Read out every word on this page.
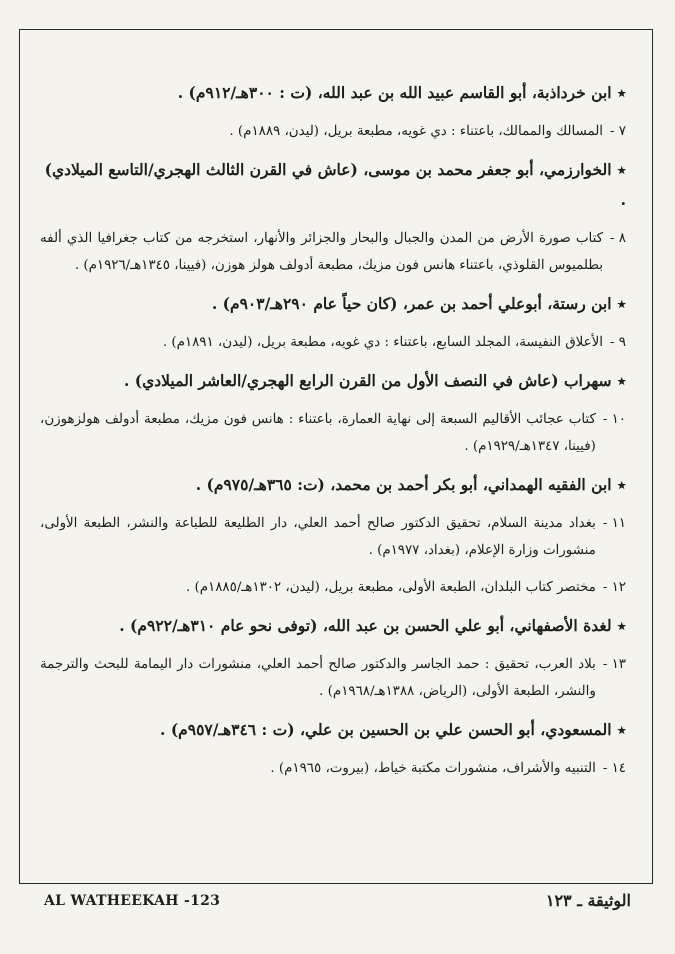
٭ابن خرداذبة، أبو القاسم عبيد الله بن عبد الله، (ت : ٣٠٠هـ/٩١٢م) .
٧ -
المسالك والممالك، باعتناء : دي غويه، مطبعة بريل، (ليدن، ١٨٨٩م) .
٭الخوارزمي، أبو جعفر محمد بن موسى، (عاش في القرن الثالث الهجري/التاسع الميلادي) .
٨ -
كتاب صورة الأرض من المدن والجبال والبحار والجزائر والأنهار، استخرجه من كتاب جغرافيا الذي ألفه بطلميوس القلوذي، باعتناء هانس فون مزيك، مطبعة أدولف هولز هوزن، (فيينا، ١٣٤٥هـ/١٩٢٦م) .
٭ابن رستة، أبوعلي أحمد بن عمر، (كان حياً عام ٢٩٠هـ/٩٠٣م) .
٩ -
الأعلاق النفيسة، المجلد السابع، باعتناء : دي غويه، مطبعة بريل، (ليدن، ١٨٩١م) .
٭سهراب (عاش في النصف الأول من القرن الرابع الهجري/العاشر الميلادي) .
١٠ -
كتاب عجائب الأقاليم السبعة إلى نهاية العمارة، باعتناء : هانس فون مزيك، مطبعة أدولف هولزهوزن، (فيينا، ١٣٤٧هـ/١٩٢٩م) .
٭ابن الفقيه الهمداني، أبو بكر أحمد بن محمد، (ت: ٣٦٥هـ/٩٧٥م) .
١١ -
بغداد مدينة السلام، تحقيق الدكتور صالح أحمد العلي، دار الطليعة للطباعة والنشر، الطبعة الأولى، منشورات وزارة الإعلام، (بغداد، ١٩٧٧م) .
١٢ -
مختصر كتاب البلدان، الطبعة الأولى، مطبعة بريل، (ليدن، ١٣٠٢هـ/١٨٨٥م) .
٭لغدة الأصفهاني، أبو علي الحسن بن عبد الله، (توفى نحو عام ٣١٠هـ/٩٢٢م) .
١٣ -
بلاد العرب، تحقيق : حمد الجاسر والدكتور صالح أحمد العلي، منشورات دار اليمامة للبحث والترجمة والنشر، الطبعة الأولى، (الرياض، ١٣٨٨هـ/١٩٦٨م) .
٭المسعودي، أبو الحسن علي بن الحسين بن علي، (ت : ٣٤٦هـ/٩٥٧م) .
١٤ -
التنبيه والأشراف، منشورات مكتبة خياط، (بيروت، ١٩٦٥م) .
AL WATHEEKAH -123	الوثيقة ـ ١٢٣
